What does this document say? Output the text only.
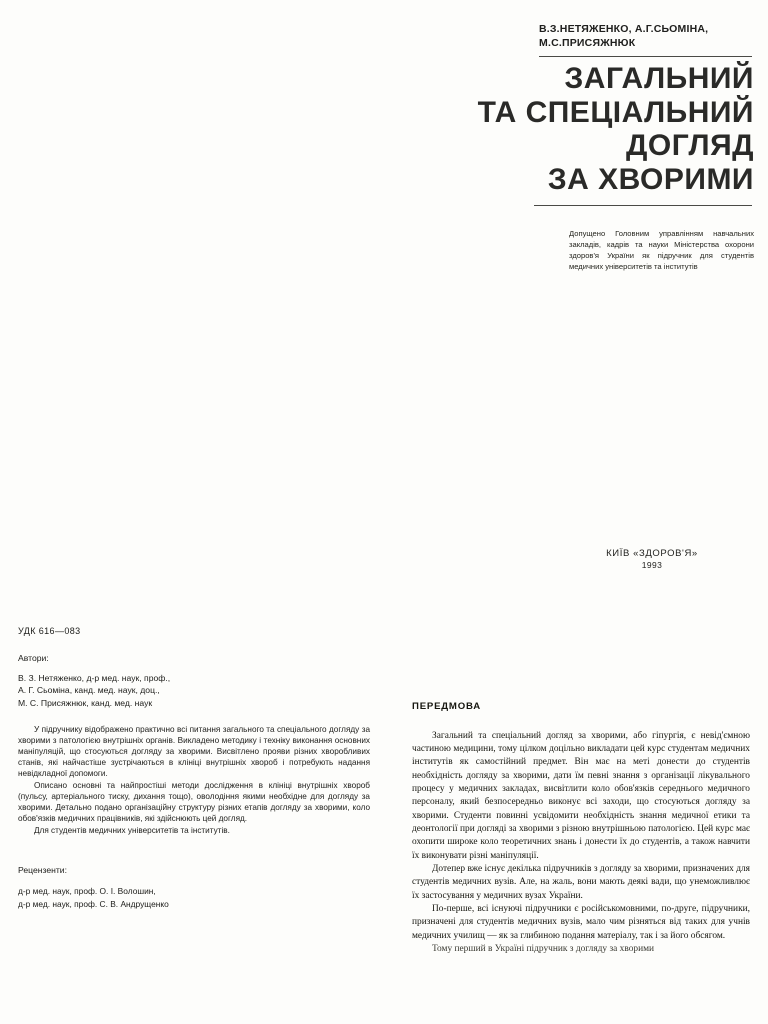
В.З.НЕТЯЖЕНКО, А.Г.СЬОМІНА, М.С.ПРИСЯЖНЮК
ЗАГАЛЬНИЙ
ТА СПЕЦІАЛЬНИЙ
ДОГЛЯД
ЗА ХВОРИМИ
Допущено Головним управлінням навчальних закладів, кадрів та науки Міністерства охорони здоров'я України як підручник для студентів медичних університетів та інститутів
КИЇВ «ЗДОРОВ'Я»
1993
УДК 616—083
Автори:
В. З. Нетяженко, д-р мед. наук, проф.,
А. Г. Сьоміна, канд. мед. наук, доц.,
М. С. Присяжнюк, канд. мед. наук

У підручнику відображено практично всі питання загального та спеціального догляду за хворими з патологією внутрішніх органів. Викладено методику і техніку виконання основних маніпуляцій, що стосуються догляду за хворими. Висвітлено прояви різних хворобливих станів, які найчастіше зустрічаються в клініці внутрішніх хвороб і потребують надання невідкладної допомоги.

Описано основні та найпростіші методи дослідження в клініці внутрішніх хвороб (пульсу, артеріального тиску, дихання тощо), оволодіння якими необхідне для догляду за хворими. Детально подано організаційну структуру різних етапів догляду за хворими, коло обов'язків медичних працівників, які здійснюють цей догляд.

Для студентів медичних університетів та інститутів.

Рецензенти:
д-р мед. наук, проф. О. І. Волошин,
д-р мед. наук, проф. С. В. Андрущенко
ПЕРЕДМОВА

Загальний та спеціальний догляд за хворими, або гіпургія, є невід'ємною частиною медицини, тому цілком доцільно викладати цей курс студентам медичних інститутів як самостійний предмет. Він має на меті донести до студентів необхідність догляду за хворими, дати їм певні знання з організації лікувального процесу у медичних закладах, висвітлити коло обов'язків середнього медичного персоналу, який безпосередньо виконує всі заходи, що стосуються догляду за хворими. Студенти повинні усвідомити необхідність знання медичної етики та деонтології при догляді за хворими з різною внутрішньою патологією. Цей курс має охопити широке коло теоретичних знань і донести їх до студентів, а також навчити їх виконувати різні маніпуляції.

Дотепер вже існує декілька підручників з догляду за хворими, призначених для студентів медичних вузів. Але, на жаль, вони мають деякі вади, що унеможливлює їх застосування у медичних вузах України.

По-перше, всі існуючі підручники є російськомовними, по-друге, підручники, призначені для студентів медичних вузів, мало чим різняться від таких для учнів медичних училищ — як за глибиною подання матеріалу, так і за його обсягом.

Тому перший в Україні підручник з догляду за хворими
